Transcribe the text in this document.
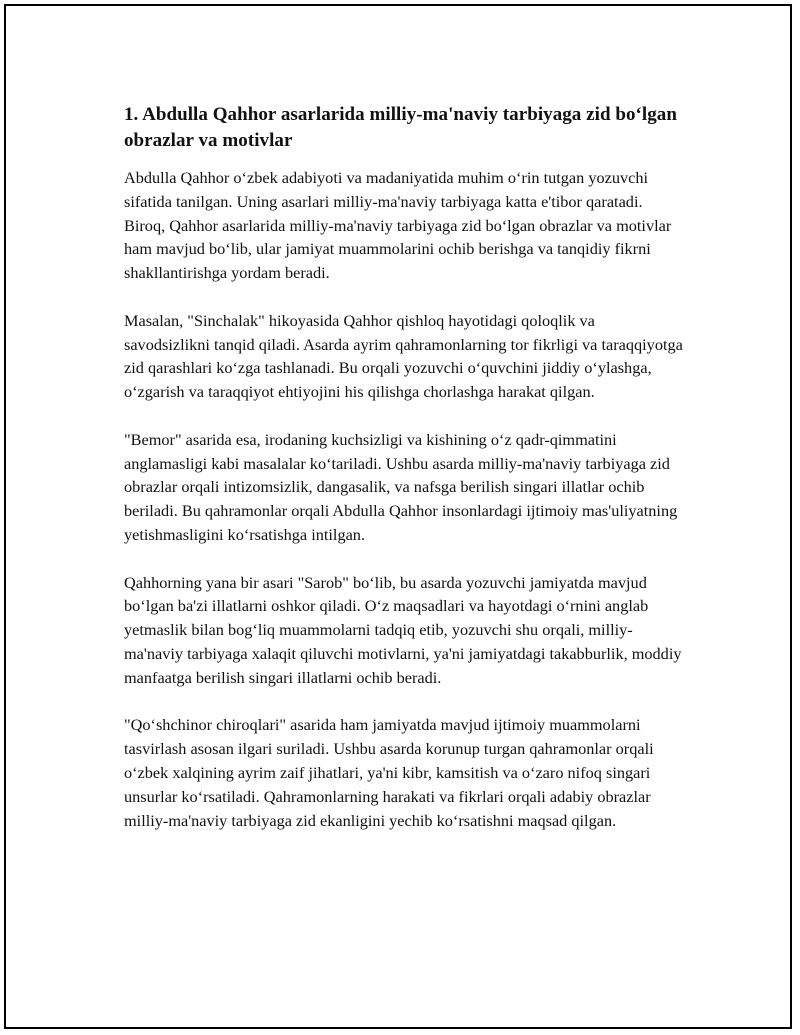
1. Abdulla Qahhor asarlarida milliy-ma'naviy tarbiyaga zid bo‘lgan obrazlar va motivlar

Abdulla Qahhor o‘zbek adabiyoti va madaniyatida muhim o‘rin tutgan yozuvchi sifatida tanilgan. Uning asarlari milliy-ma'naviy tarbiyaga katta e'tibor qaratadi. Biroq, Qahhor asarlarida milliy-ma'naviy tarbiyaga zid bo‘lgan obrazlar va motivlar ham mavjud bo‘lib, ular jamiyat muammolarini ochib berishga va tanqidiy fikrni shakllantirishga yordam beradi.

Masalan, "Sinchalak" hikoyasida Qahhor qishloq hayotidagi qoloqlik va savodsizlikni tanqid qiladi. Asarda ayrim qahramonlarning tor fikrligi va taraqqiyotga zid qarashlari ko‘zga tashlanadi. Bu orqali yozuvchi o‘quvchini jiddiy o‘ylashga, o‘zgarish va taraqqiyot ehtiyojini his qilishga chorlashga harakat qilgan.

"Bemor" asarida esa, irodaning kuchsizligi va kishining o‘z qadr-qimmatini anglamasligi kabi masalalar ko‘tariladi. Ushbu asarda milliy-ma'naviy tarbiyaga zid obrazlar orqali intizomsizlik, dangasalik, va nafsga berilish singari illatlar ochib beriladi. Bu qahramonlar orqali Abdulla Qahhor insonlardagi ijtimoiy mas'uliyatning yetishmasligini ko‘rsatishga intilgan.

Qahhorning yana bir asari "Sarob" bo‘lib, bu asarda yozuvchi jamiyatda mavjud bo‘lgan ba'zi illatlarni oshkor qiladi. O‘z maqsadlari va hayotdagi o‘rnini anglab yetmaslik bilan bog‘liq muammolarni tadqiq etib, yozuvchi shu orqali, milliy-ma'naviy tarbiyaga xalaqit qiluvchi motivlarni, ya'ni jamiyatdagi takabburlik, moddiy manfaatga berilish singari illatlarni ochib beradi.

"Qo‘shchinor chiroqlari" asarida ham jamiyatda mavjud ijtimoiy muammolarni tasvirlash asosan ilgari suriladi. Ushbu asarda korunup turgan qahramonlar orqali o‘zbek xalqining ayrim zaif jihatlari, ya'ni kibr, kamsitish va o‘zaro nifoq singari unsurlar ko‘rsatiladi. Qahramonlarning harakati va fikrlari orqali adabiy obrazlar milliy-ma'naviy tarbiyaga zid ekanligini yechib ko‘rsatishni maqsad qilgan.
